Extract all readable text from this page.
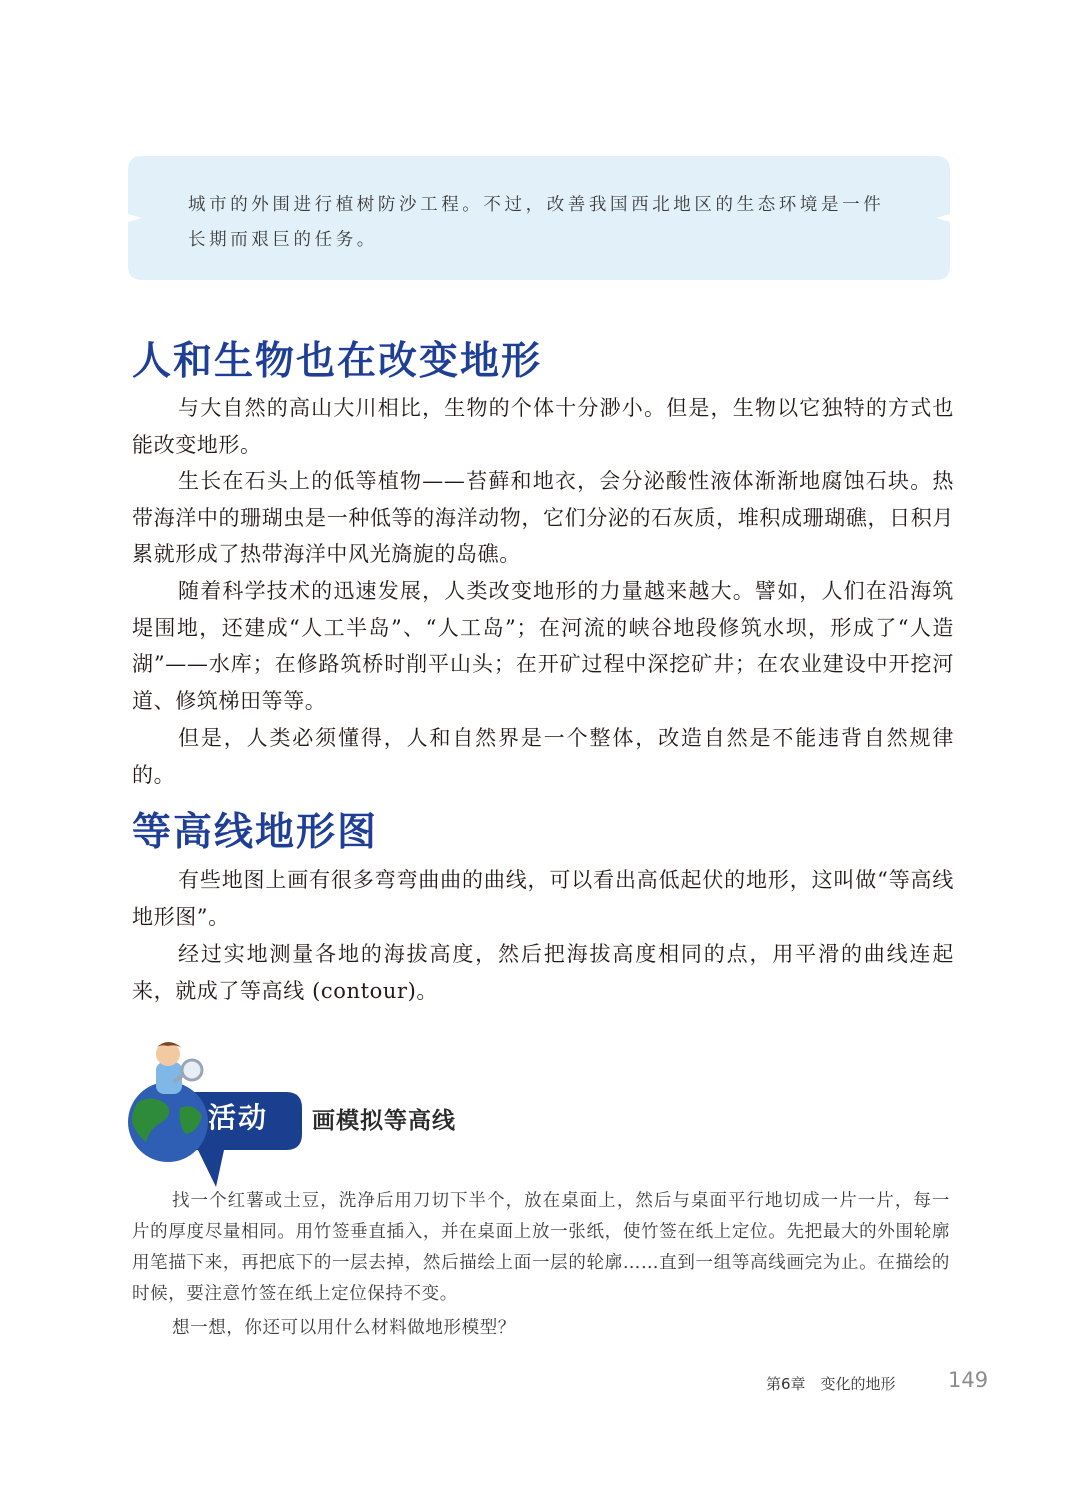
城市的外围进行植树防沙工程。不过，改善我国西北地区的生态环境是一件长期而艰巨的任务。
人和生物也在改变地形

与大自然的高山大川相比，生物的个体十分渺小。但是，生物以它独特的方式也能改变地形。

生长在石头上的低等植物——苔藓和地衣，会分泌酸性液体渐渐地腐蚀石块。热带海洋中的珊瑚虫是一种低等的海洋动物，它们分泌的石灰质，堆积成珊瑚礁，日积月累就形成了热带海洋中风光旖旎的岛礁。

随着科学技术的迅速发展，人类改变地形的力量越来越大。譬如，人们在沿海筑堤围地，还建成“人工半岛”、“人工岛”；在河流的峡谷地段修筑水坝，形成了“人造湖”——水库；在修路筑桥时削平山头；在开矿过程中深挖矿井；在农业建设中开挖河道、修筑梯田等等。

但是，人类必须懂得，人和自然界是一个整体，改造自然是不能违背自然规律的。

等高线地形图

有些地图上画有很多弯弯曲曲的曲线，可以看出高低起伏的地形，这叫做“等高线地形图”。

经过实地测量各地的海拔高度，然后把海拔高度相同的点，用平滑的曲线连起来，就成了等高线 (contour)。

活动 画模拟等高线

找一个红薯或土豆，洗净后用刀切下半个，放在桌面上，然后与桌面平行地切成一片一片，每一片的厚度尽量相同。用竹签垂直插入，并在桌面上放一张纸，使竹签在纸上定位。先把最大的外围轮廓用笔描下来，再把底下的一层去掉，然后描绘上面一层的轮廓……直到一组等高线画完为止。在描绘的时候，要注意竹签在纸上定位保持不变。

想一想，你还可以用什么材料做地形模型？

第6章　变化的地形 149
